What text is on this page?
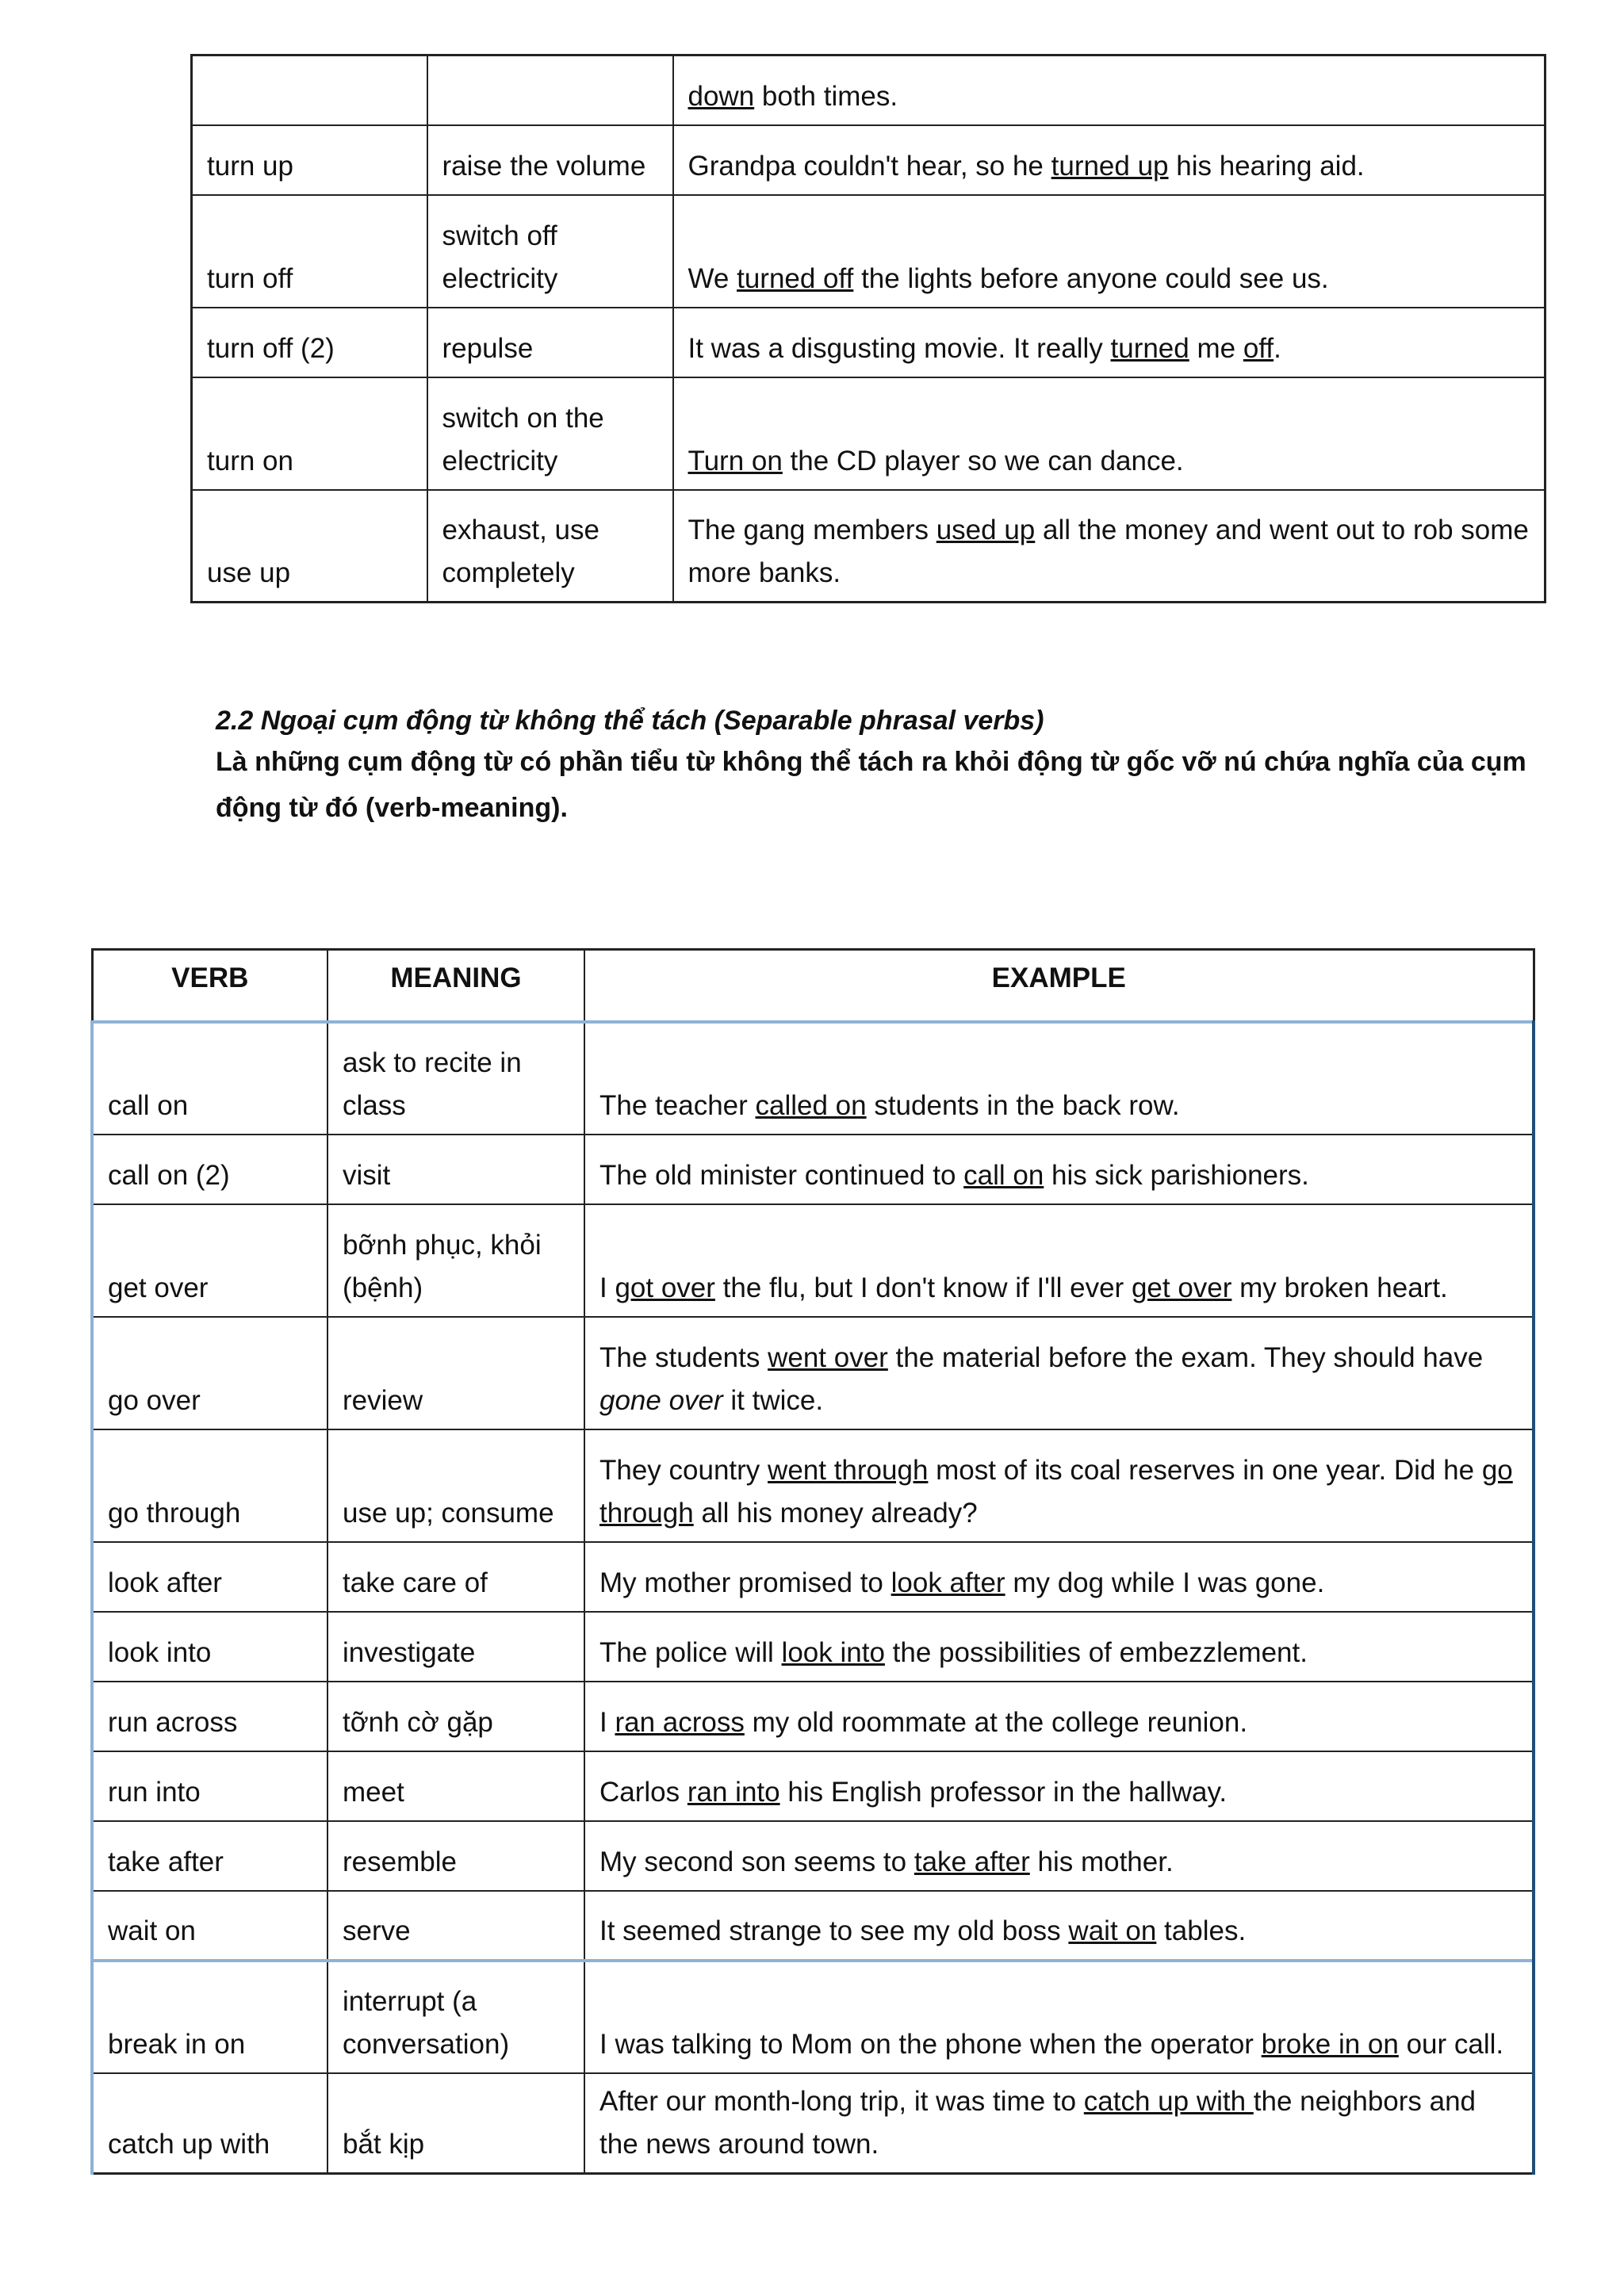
		down both times.
turn up	raise the volume	Grandpa couldn't hear, so he turned up his hearing aid.
turn off	switch off electricity	We turned off the lights before anyone could see us.
turn off (2)	repulse	It was a disgusting movie. It really turned me off.
turn on	switch on the electricity	Turn on the CD player so we can dance.
use up	exhaust, use completely	The gang members used up all the money and went out to rob some more banks.
2.2 Ngoại cụm động từ không thể tách (Separable phrasal verbs)
Là những cụm động từ có phần tiểu từ không thể tách ra khỏi động từ gốc vỡ nú chứa nghĩa của cụm động từ đó (verb-meaning).
VERB	MEANING	EXAMPLE
call on	ask to recite in class	The teacher called on students in the back row.
call on (2)	visit	The old minister continued to call on his sick parishioners.
get over	bỡnh phục, khỏi (bệnh)	I got over the flu, but I don't know if I'll ever get over my broken heart.
go over	review	The students went over the material before the exam. They should have gone over it twice.
go through	use up; consume	They country went through most of its coal reserves in one year. Did he go through all his money already?
look after	take care of	My mother promised to look after my dog while I was gone.
look into	investigate	The police will look into the possibilities of embezzlement.
run across	tỡnh cờ gặp	I ran across my old roommate at the college reunion.
run into	meet	Carlos ran into his English professor in the hallway.
take after	resemble	My second son seems to take after his mother.
wait on	serve	It seemed strange to see my old boss wait on tables.
break in on	interrupt (a conversation)	I was talking to Mom on the phone when the operator broke in on our call.
catch up with	bắt kịp	After our month-long trip, it was time to catch up with the neighbors and the news around town.
